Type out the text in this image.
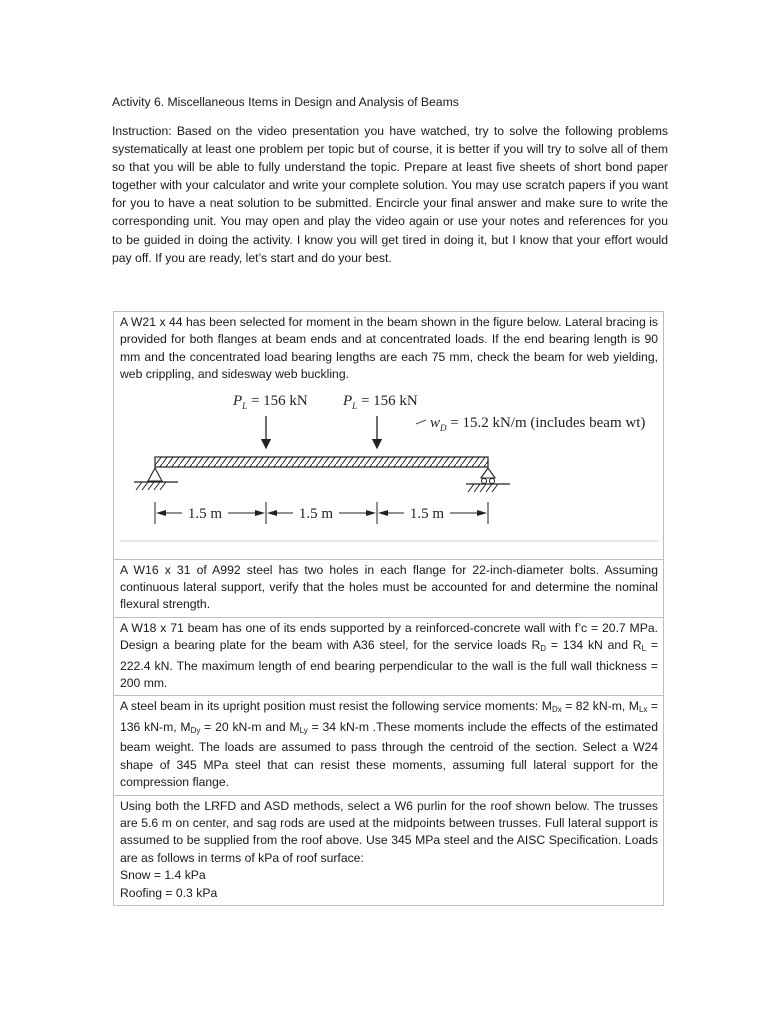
Activity 6. Miscellaneous Items in Design and Analysis of Beams

Instruction: Based on the video presentation you have watched, try to solve the following problems systematically at least one problem per topic but of course, it is better if you will try to solve all of them so that you will be able to fully understand the topic. Prepare at least five sheets of short bond paper together with your calculator and write your complete solution. You may use scratch papers if you want for you to have a neat solution to be submitted. Encircle your final answer and make sure to write the corresponding unit. You may open and play the video again or use your notes and references for you to be guided in doing the activity. I know you will get tired in doing it, but I know that your effort would pay off. If you are ready, let’s start and do your best.

A W21 x 44 has been selected for moment in the beam shown in the figure below. Lateral bracing is provided for both flanges at beam ends and at concentrated loads. If the end bearing length is 90 mm and the concentrated load bearing lengths are each 75 mm, check the beam for web yielding, web crippling, and sidesway web buckling.

$P_L = 156$ kN $P_L = 156$ kN
$w_D = 15.2$ kN/m (includes beam wt)
1.5 m	1.5 m	1.5 m

A W16 x 31 of A992 steel has two holes in each flange for 22-inch-diameter bolts. Assuming continuous lateral support, verify that the holes must be accounted for and determine the nominal flexural strength.

A W18 x 71 beam has one of its ends supported by a reinforced-concrete wall with f’c = 20.7 MPa. Design a bearing plate for the beam with A36 steel, for the service loads $R_D = 134$ kN and $R_L = 222.4$ kN. The maximum length of end bearing perpendicular to the wall is the full wall thickness = 200 mm.

A steel beam in its upright position must resist the following service moments: $M_{Dx} = 82$ kN-m, $M_{Lx} = 136$ kN-m, $M_{Dy} = 20$ kN-m and $M_{Ly} = 34$ kN-m .These moments include the effects of the estimated beam weight. The loads are assumed to pass through the centroid of the section. Select a W24 shape of 345 MPa steel that can resist these moments, assuming full lateral support for the compression flange.

Using both the LRFD and ASD methods, select a W6 purlin for the roof shown below. The trusses are 5.6 m on center, and sag rods are used at the midpoints between trusses. Full lateral support is assumed to be supplied from the roof above. Use 345 MPa steel and the AISC Specification. Loads are as follows in terms of kPa of roof surface:

Snow = 1.4 kPa
Roofing = 0.3 kPa
